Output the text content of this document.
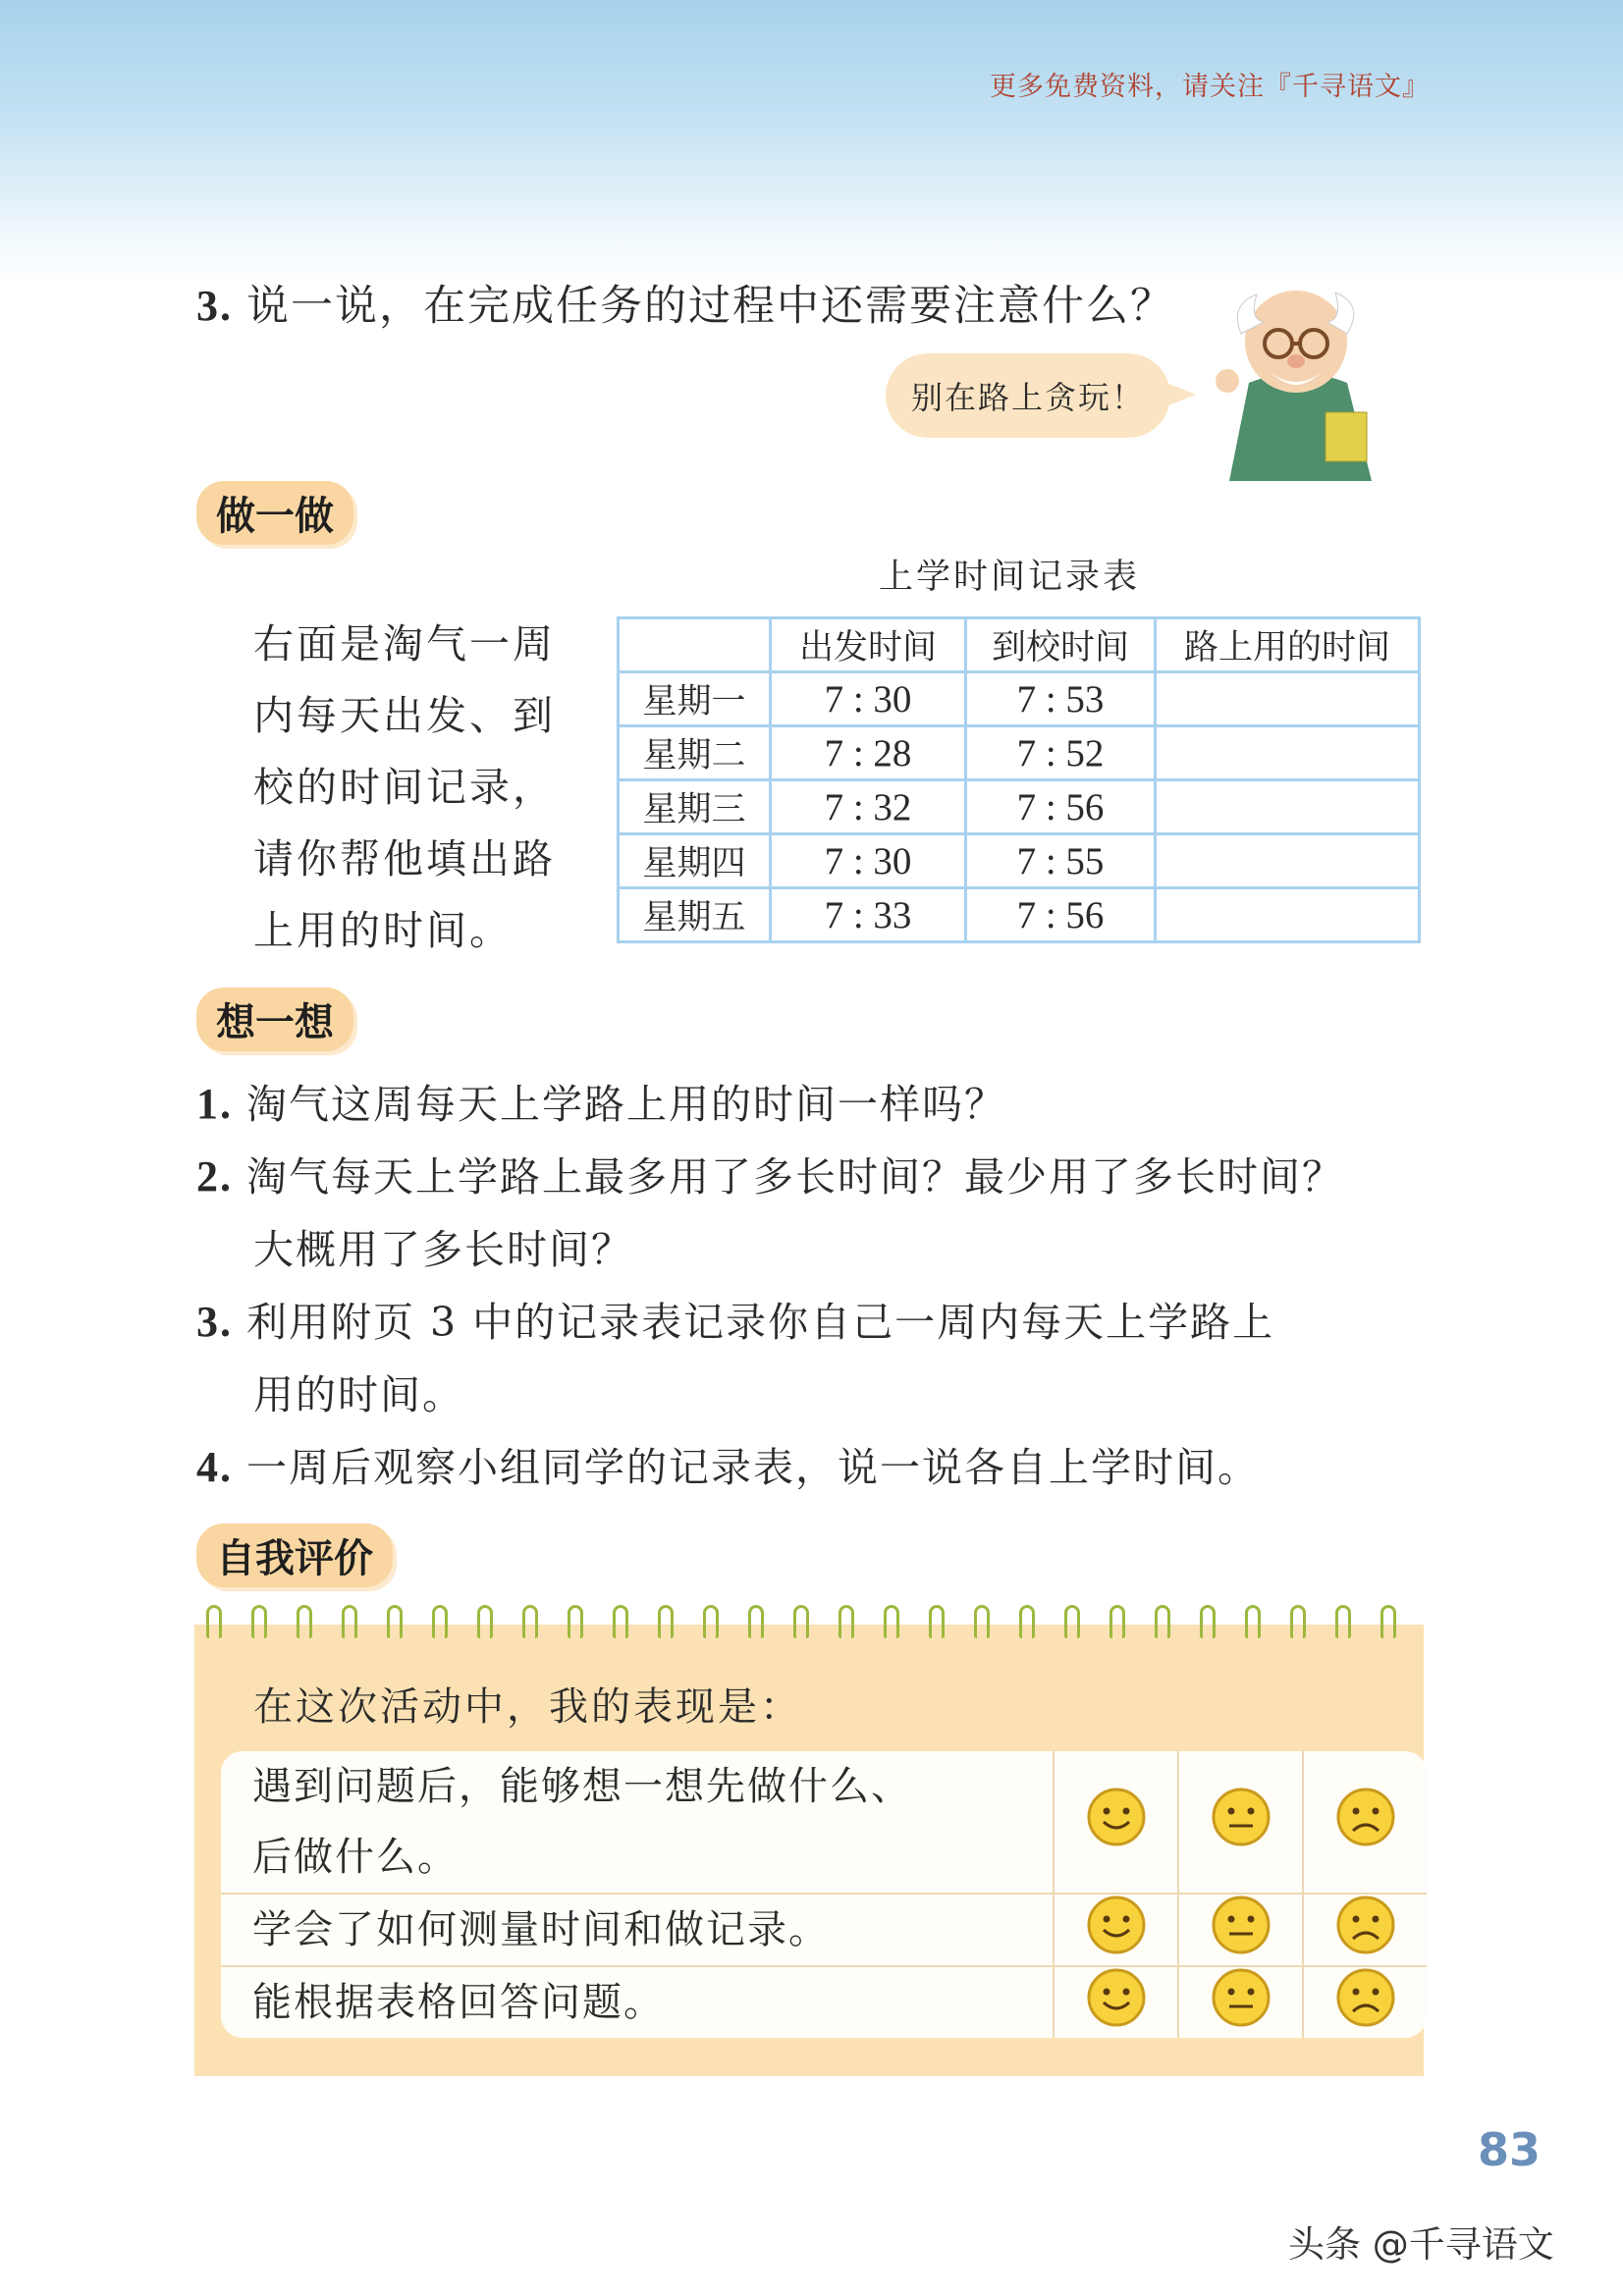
更多免费资料，请关注『千寻语文』
3. 说一说，在完成任务的过程中还需要注意什么？
别在路上贪玩！
做一做
右面是淘气一周
内每天出发、到
校的时间记录，
请你帮他填出路
上用的时间。
上学时间记录表
	出发时间	到校时间	路上用的时间
星期一	7 : 30	7 : 53	
星期二	7 : 28	7 : 52	
星期三	7 : 32	7 : 56	
星期四	7 : 30	7 : 55	
星期五	7 : 33	7 : 56	
想一想
1. 淘气这周每天上学路上用的时间一样吗？
2. 淘气每天上学路上最多用了多长时间？最少用了多长时间？
大概用了多长时间？
3. 利用附页 3 中的记录表记录你自己一周内每天上学路上
用的时间。
4. 一周后观察小组同学的记录表，说一说各自上学时间。
自我评价
在这次活动中，我的表现是：
遇到问题后，能够想一想先做什么、
后做什么。

学会了如何测量时间和做记录。

能根据表格回答问题。

83
头条 @千寻语文
